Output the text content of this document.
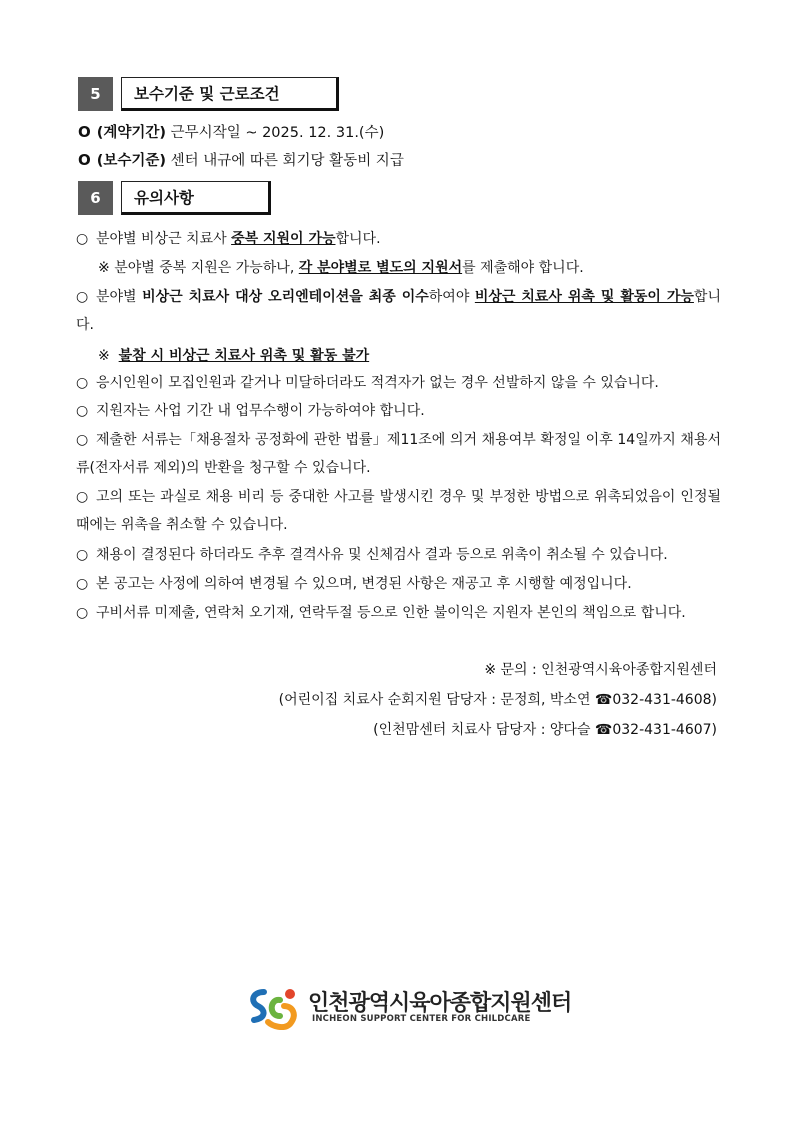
5	보수기준 및 근로조건
O (계약기간) 근무시작일 ~ 2025. 12. 31.(수)
O (보수기준) 센터 내규에 따른 회기당 활동비 지급
6	유의사항
○ 분야별 비상근 치료사 중복 지원이 가능합니다.
※ 분야별 중복 지원은 가능하나, 각 분야별로 별도의 지원서를 제출해야 합니다.
○ 분야별 비상근 치료사 대상 오리엔테이션을 최종 이수하여야 비상근 치료사 위촉 및 활동이 가능합니다.
※ 불참 시 비상근 치료사 위촉 및 활동 불가
○ 응시인원이 모집인원과 같거나 미달하더라도 적격자가 없는 경우 선발하지 않을 수 있습니다.
○ 지원자는 사업 기간 내 업무수행이 가능하여야 합니다.
○ 제출한 서류는「채용절차 공정화에 관한 법률」제11조에 의거 채용여부 확정일 이후 14일까지 채용서류(전자서류 제외)의 반환을 청구할 수 있습니다.
○ 고의 또는 과실로 채용 비리 등 중대한 사고를 발생시킨 경우 및 부정한 방법으로 위촉되었음이 인정될 때에는 위촉을 취소할 수 있습니다.
○ 채용이 결정된다 하더라도 추후 결격사유 및 신체검사 결과 등으로 위촉이 취소될 수 있습니다.
○ 본 공고는 사정에 의하여 변경될 수 있으며, 변경된 사항은 재공고 후 시행할 예정입니다.
○ 구비서류 미제출, 연락처 오기재, 연락두절 등으로 인한 불이익은 지원자 본인의 책임으로 합니다.
※ 문의 : 인천광역시육아종합지원센터
(어린이집 치료사 순회지원 담당자 : 문정희, 박소연 ☎032-431-4608)
(인천맘센터 치료사 담당자 : 양다슬 ☎032-431-4607)
인천광역시육아종합지원센터
INCHEON SUPPORT CENTER FOR CHILDCARE
